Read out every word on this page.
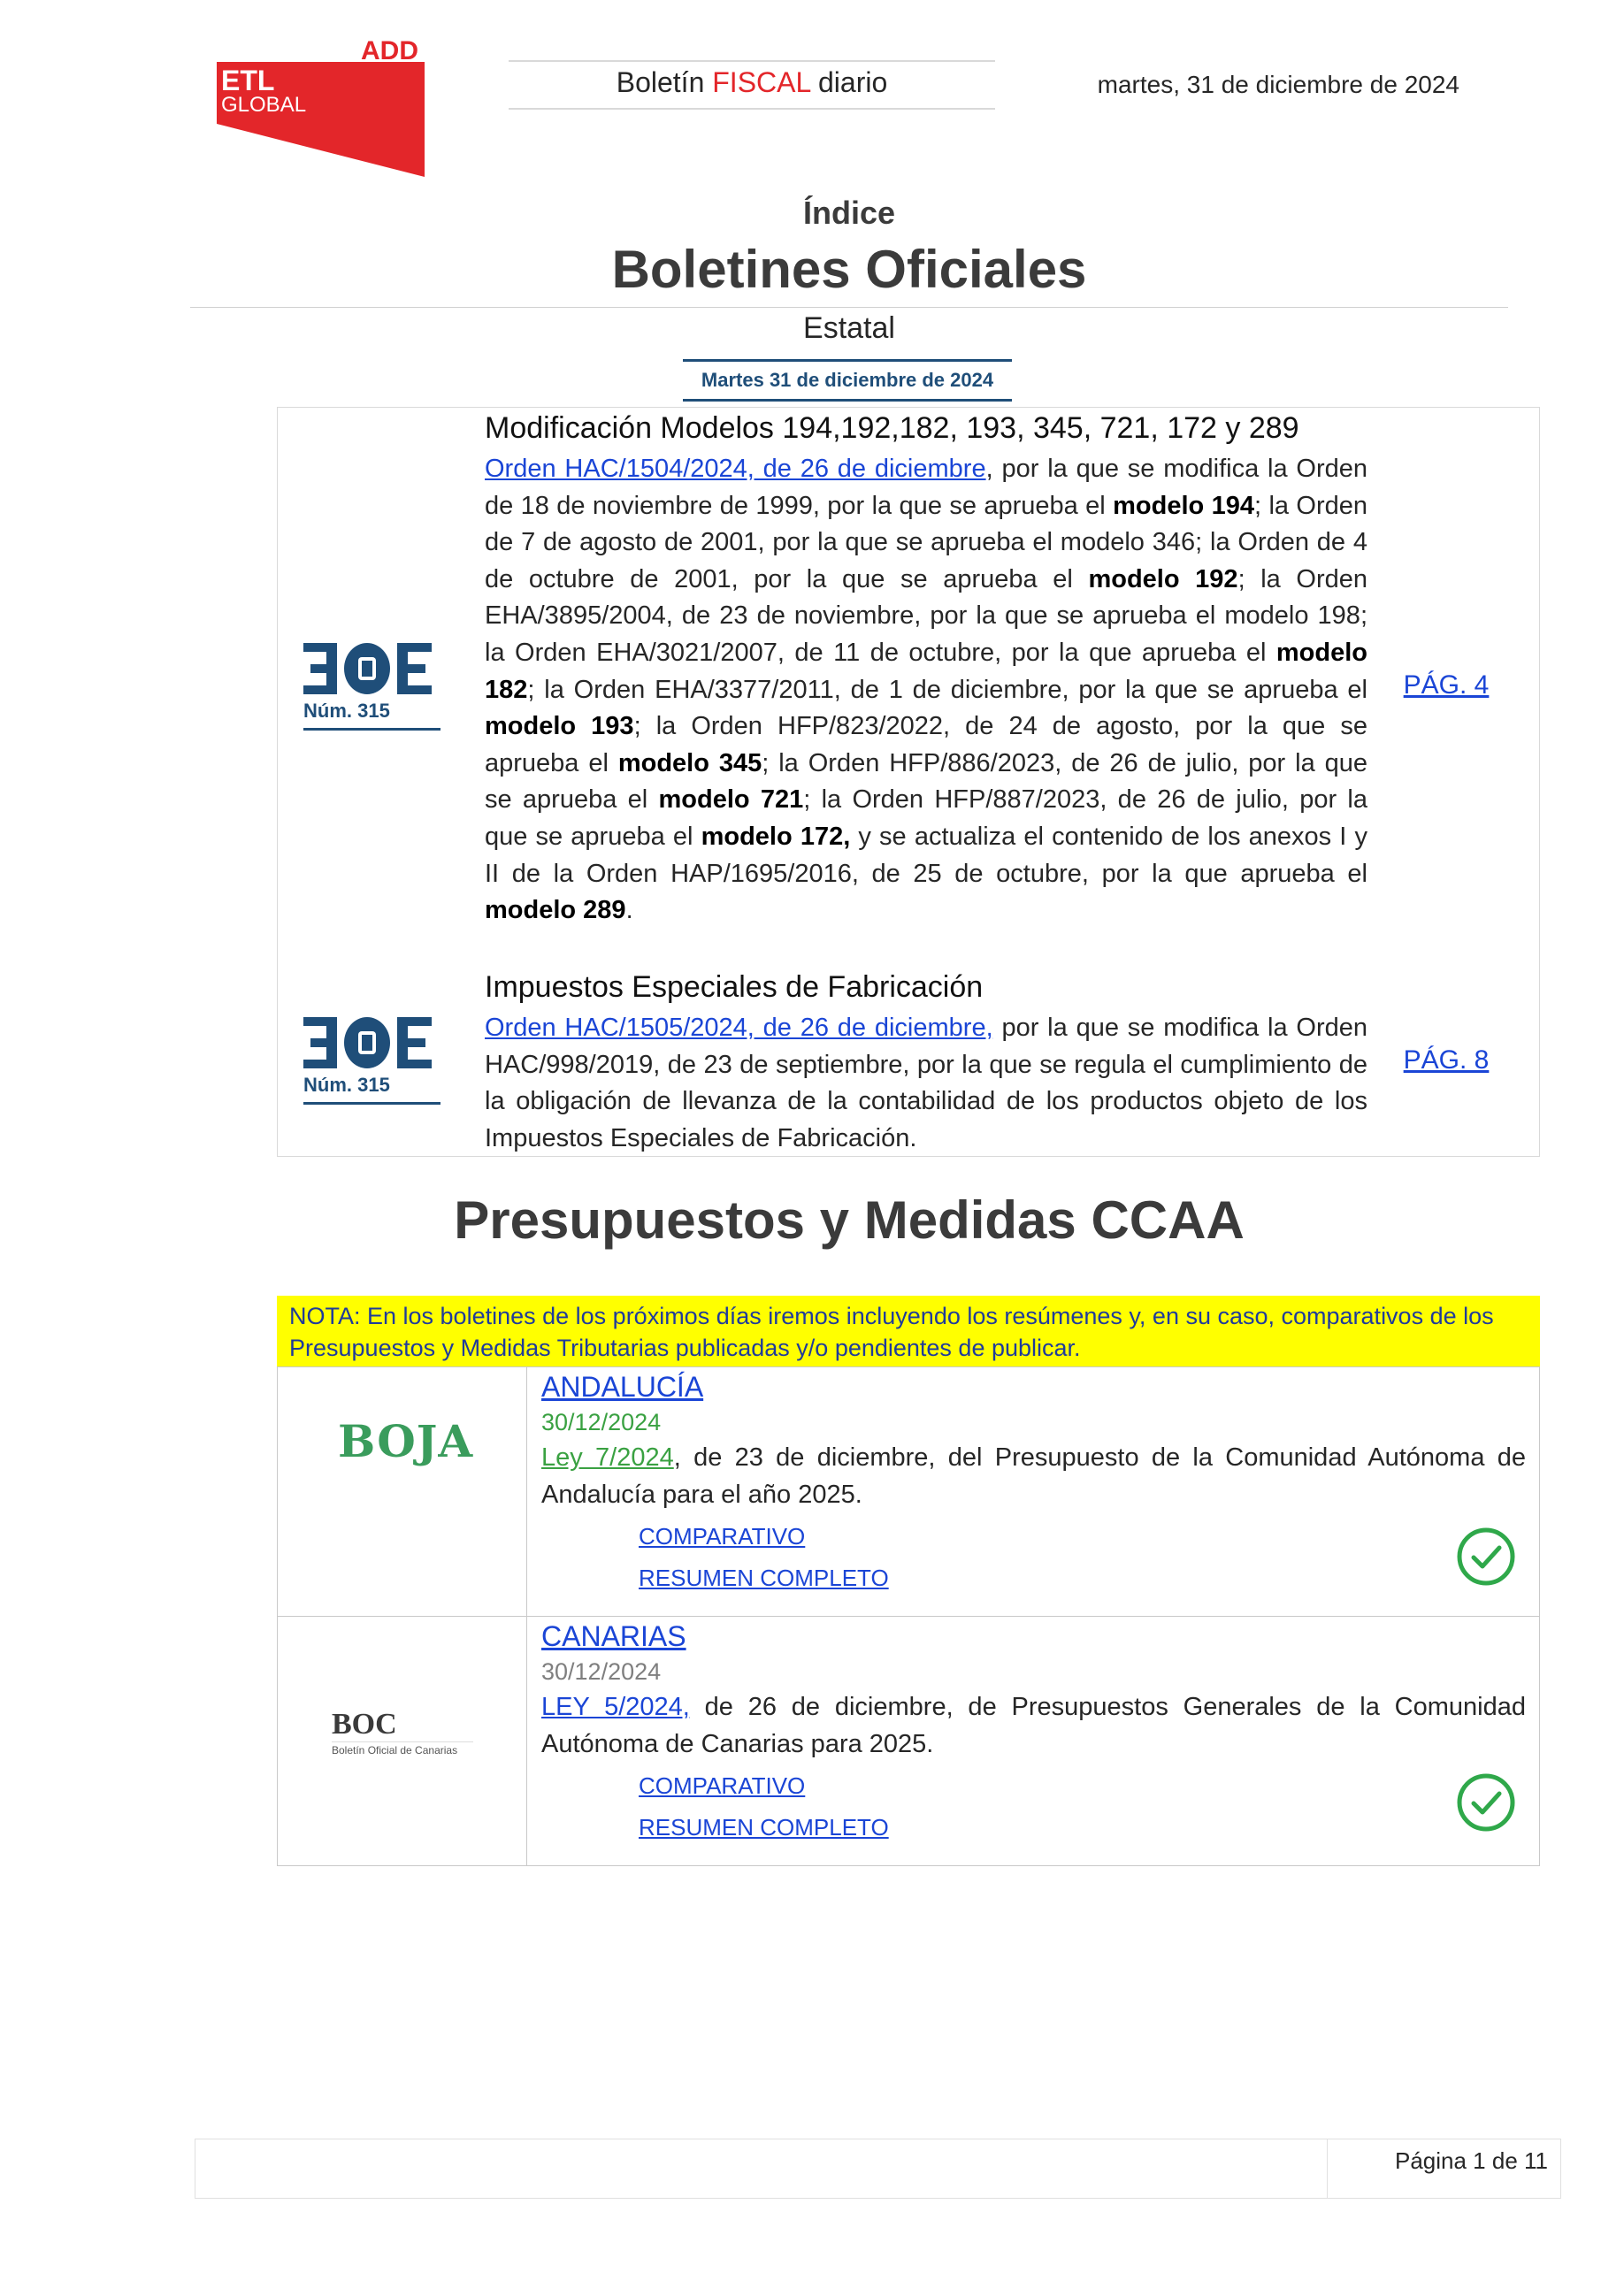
ADD
ETL
GLOBAL
Boletín FISCAL diario	martes, 31 de diciembre de 2024
Índice
Boletines Oficiales
Estatal
Martes 31 de diciembre de 2024
Núm. 315
Modificación Modelos 194,192,182, 193, 345, 721, 172 y 289
Orden HAC/1504/2024, de 26 de diciembre, por la que se modifica la Orden de 18 de noviembre de 1999, por la que se aprueba el modelo 194; la Orden de 7 de agosto de 2001, por la que se aprueba el modelo 346; la Orden de 4 de octubre de 2001, por la que se aprueba el modelo 192; la Orden EHA/3895/2004, de 23 de noviembre, por la que se aprueba el modelo 198; la Orden EHA/3021/2007, de 11 de octubre, por la que aprueba el modelo 182; la Orden EHA/3377/2011, de 1 de diciembre, por la que se aprueba el modelo 193; la Orden HFP/823/2022, de 24 de agosto, por la que se aprueba el modelo 345; la Orden HFP/886/2023, de 26 de julio, por la que se aprueba el modelo 721; la Orden HFP/887/2023, de 26 de julio, por la que se aprueba el modelo 172, y se actualiza el contenido de los anexos I y II de la Orden HAP/1695/2016, de 25 de octubre, por la que aprueba el modelo 289.
PÁG. 4
Núm. 315
Impuestos Especiales de Fabricación
Orden HAC/1505/2024, de 26 de diciembre, por la que se modifica la Orden HAC/998/2019, de 23 de septiembre, por la que se regula el cumplimiento de la obligación de llevanza de la contabilidad de los productos objeto de los Impuestos Especiales de Fabricación.
PÁG. 8
Presupuestos y Medidas CCAA
NOTA: En los boletines de los próximos días iremos incluyendo los resúmenes y, en su caso, comparativos de los Presupuestos y Medidas Tributarias publicadas y/o pendientes de publicar.
BOJA
ANDALUCÍA
30/12/2024
Ley 7/2024, de 23 de diciembre, del Presupuesto de la Comunidad Autónoma de Andalucía para el año 2025.
COMPARATIVO
RESUMEN COMPLETO
BOC
Boletín Oficial de Canarias
CANARIAS
30/12/2024
LEY 5/2024, de 26 de diciembre, de Presupuestos Generales de la Comunidad Autónoma de Canarias para 2025.
COMPARATIVO
RESUMEN COMPLETO
Página 1 de 11
